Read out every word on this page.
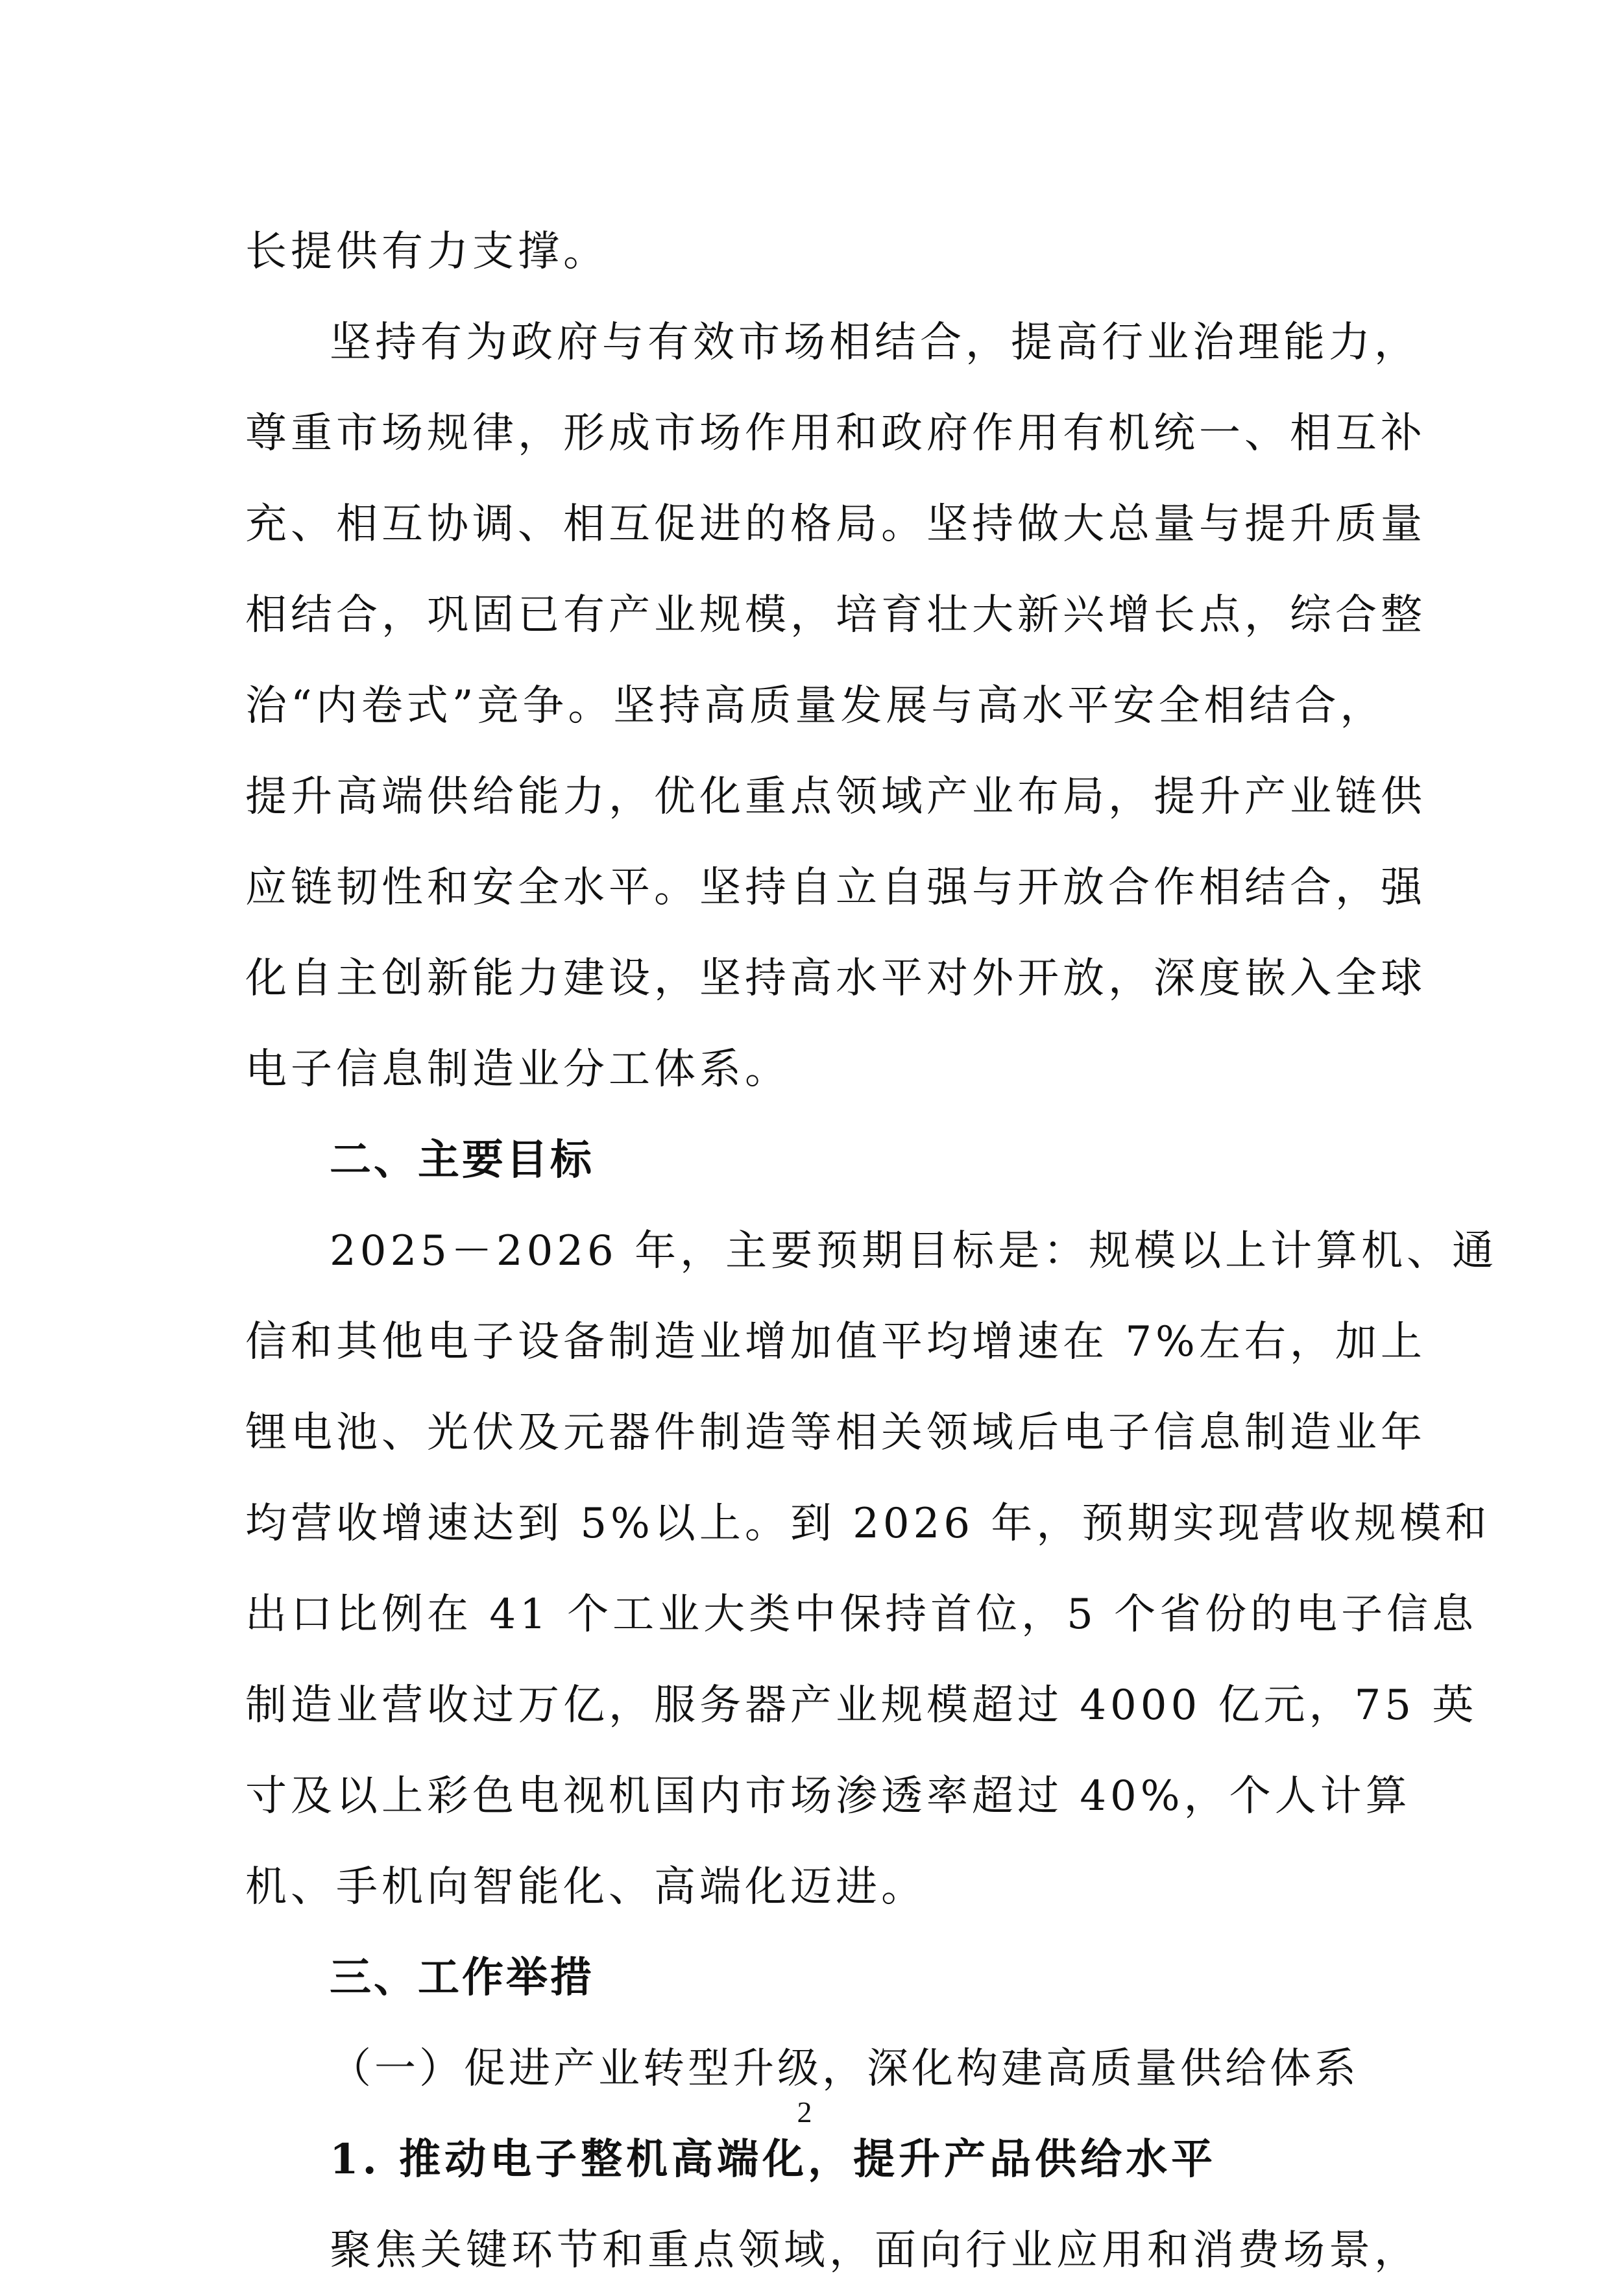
长提供有力支撑。
坚持有为政府与有效市场相结合，提高行业治理能力，
尊重市场规律，形成市场作用和政府作用有机统一、相互补
充、相互协调、相互促进的格局。坚持做大总量与提升质量
相结合，巩固已有产业规模，培育壮大新兴增长点，综合整
治“内卷式”竞争。坚持高质量发展与高水平安全相结合，
提升高端供给能力，优化重点领域产业布局，提升产业链供
应链韧性和安全水平。坚持自立自强与开放合作相结合，强
化自主创新能力建设，坚持高水平对外开放，深度嵌入全球
电子信息制造业分工体系。
二、主要目标
2025－2026 年，主要预期目标是：规模以上计算机、通
信和其他电子设备制造业增加值平均增速在 7%左右，加上
锂电池、光伏及元器件制造等相关领域后电子信息制造业年
均营收增速达到 5%以上。到 2026 年，预期实现营收规模和
出口比例在 41 个工业大类中保持首位，5 个省份的电子信息
制造业营收过万亿，服务器产业规模超过 4000 亿元，75 英
寸及以上彩色电视机国内市场渗透率超过 40%，个人计算
机、手机向智能化、高端化迈进。
三、工作举措
（一）促进产业转型升级，深化构建高质量供给体系
1. 推动电子整机高端化，提升产品供给水平
聚焦关键环节和重点领域，面向行业应用和消费场景，
2
